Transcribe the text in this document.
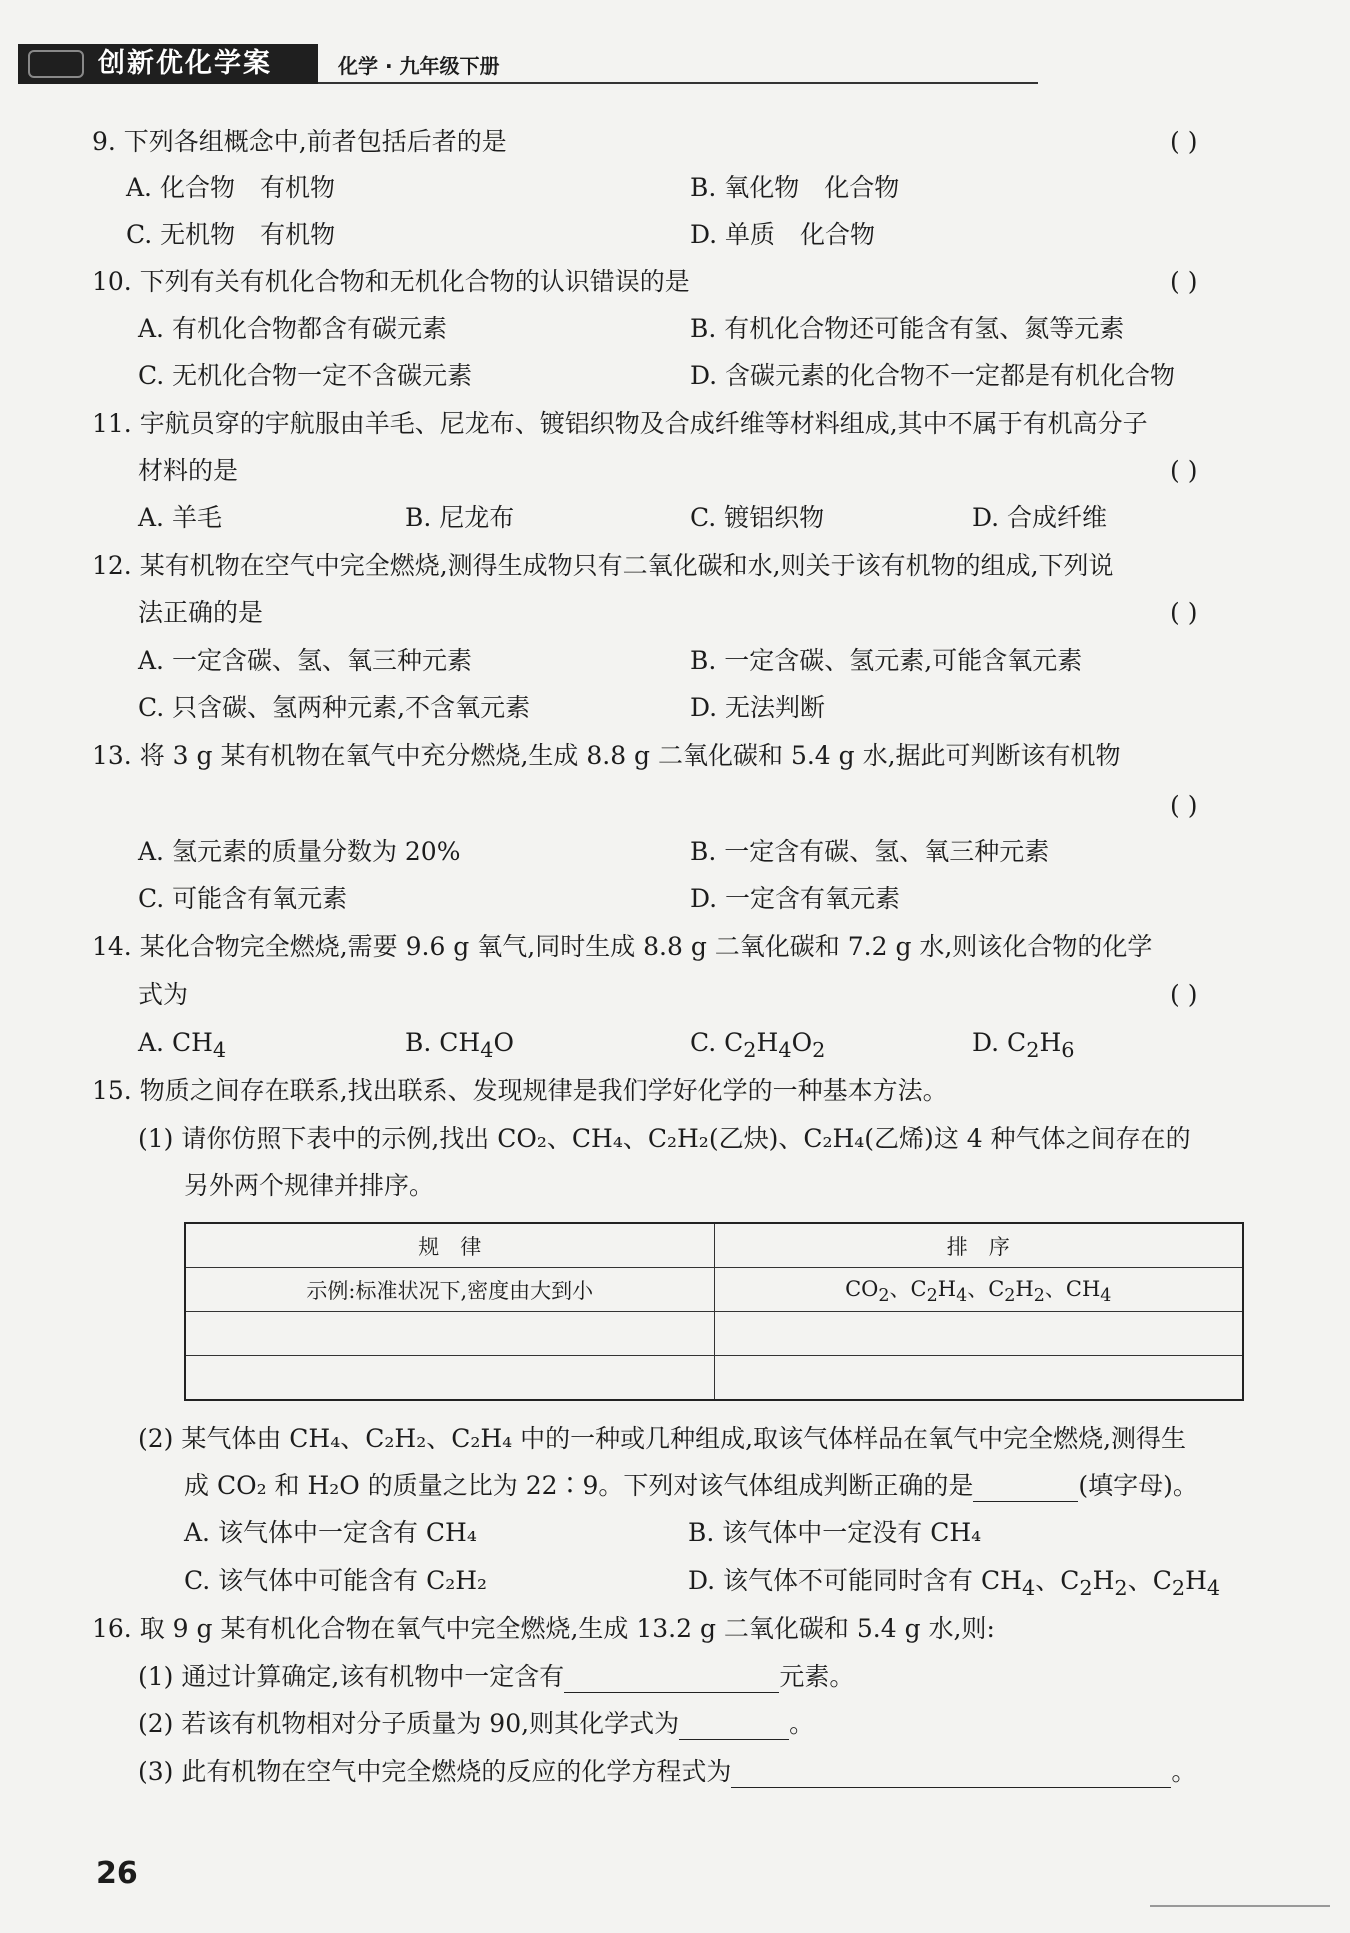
创新优化学案	化学 · 九年级下册
9. 下列各组概念中,前者包括后者的是	( )
A. 化合物　有机物	B. 氧化物　化合物
C. 无机物　有机物	D. 单质　化合物
10. 下列有关有机化合物和无机化合物的认识错误的是	( )
A. 有机化合物都含有碳元素	B. 有机化合物还可能含有氢、氮等元素
C. 无机化合物一定不含碳元素	D. 含碳元素的化合物不一定都是有机化合物
11. 宇航员穿的宇航服由羊毛、尼龙布、镀铝织物及合成纤维等材料组成,其中不属于有机高分子
材料的是	( )
A. 羊毛	B. 尼龙布	C. 镀铝织物	D. 合成纤维
12. 某有机物在空气中完全燃烧,测得生成物只有二氧化碳和水,则关于该有机物的组成,下列说
法正确的是	( )
A. 一定含碳、氢、氧三种元素	B. 一定含碳、氢元素,可能含氧元素
C. 只含碳、氢两种元素,不含氧元素	D. 无法判断
13. 将 3 g 某有机物在氧气中充分燃烧,生成 8.8 g 二氧化碳和 5.4 g 水,据此可判断该有机物
( )
A. 氢元素的质量分数为 20%	B. 一定含有碳、氢、氧三种元素
C. 可能含有氧元素	D. 一定含有氧元素
14. 某化合物完全燃烧,需要 9.6 g 氧气,同时生成 8.8 g 二氧化碳和 7.2 g 水,则该化合物的化学
式为	( )
A. $CH_4$	B. $CH_4O$	C. $C_2H_4O_2$	D. $C_2H_6$
15. 物质之间存在联系,找出联系、发现规律是我们学好化学的一种基本方法。
(1) 请你仿照下表中的示例,找出 CO₂、CH₄、C₂H₂(乙炔)、C₂H₄(乙烯)这 4 种气体之间存在的
另外两个规律并排序。
规　律	排　序
示例:标准状况下,密度由大到小	$CO_2$、$C_2H_4$、$C_2H_2$、$CH_4$

(2) 某气体由 CH₄、C₂H₂、C₂H₄ 中的一种或几种组成,取该气体样品在氧气中完全燃烧,测得生
成 CO₂ 和 H₂O 的质量之比为 22∶9。下列对该气体组成判断正确的是	(填字母)。
A. 该气体中一定含有 CH₄	B. 该气体中一定没有 CH₄
C. 该气体中可能含有 C₂H₂	D. 该气体不可能同时含有 $CH_4$、$C_2H_2$、$C_2H_4$
16. 取 9 g 某有机化合物在氧气中完全燃烧,生成 13.2 g 二氧化碳和 5.4 g 水,则:
(1) 通过计算确定,该有机物中一定含有	元素。
(2) 若该有机物相对分子质量为 90,则其化学式为	。
(3) 此有机物在空气中完全燃烧的反应的化学方程式为	。
26
